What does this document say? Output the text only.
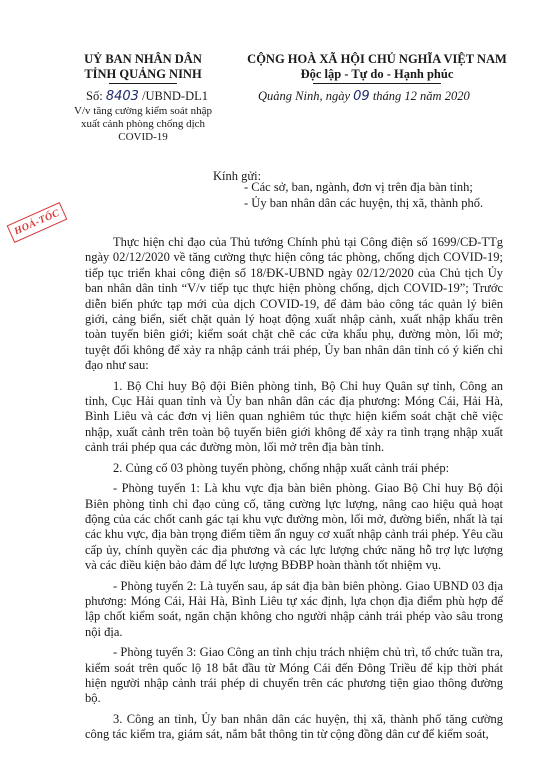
UỶ BAN NHÂN DÂN
TỈNH QUẢNG NINH
CỘNG HOÀ XÃ HỘI CHỦ NGHĨA VIỆT NAM
Độc lập - Tự do - Hạnh phúc
Số: 8403 /UBND-DL1	Quảng Ninh, ngày 09 tháng 12 năm 2020
V/v tăng cường kiểm soát nhập
xuất cảnh phòng chống dịch
COVID-19
Kính gửi:
- Các sở, ban, ngành, đơn vị trên địa bàn tỉnh;
- Ủy ban nhân dân các huyện, thị xã, thành phố.
HOẢ-TỐC

Thực hiện chỉ đạo của Thủ tướng Chính phủ tại Công điện số 1699/CĐ-TTg ngày 02/12/2020 về tăng cường thực hiện công tác phòng, chống dịch COVID-19; tiếp tục triển khai công điện số 18/ĐK-UBND ngày 02/12/2020 của Chủ tịch Ủy ban nhân dân tỉnh “V/v tiếp tục thực hiện phòng chống, dịch COVID-19”; Trước diễn biến phức tạp mới của dịch COVID-19, để đảm bảo công tác quản lý biên giới, cảng biển, siết chặt quản lý hoạt động xuất nhập cảnh, xuất nhập khẩu trên toàn tuyến biên giới; kiểm soát chặt chẽ các cửa khẩu phụ, đường mòn, lối mở; tuyệt đối không để xảy ra nhập cảnh trái phép, Ủy ban nhân dân tỉnh có ý kiến chỉ đạo như sau:

1. Bộ Chỉ huy Bộ đội Biên phòng tỉnh, Bộ Chỉ huy Quân sự tỉnh, Công an tỉnh, Cục Hải quan tỉnh và Ủy ban nhân dân các địa phương: Móng Cái, Hải Hà, Bình Liêu và các đơn vị liên quan nghiêm túc thực hiện kiểm soát chặt chẽ việc nhập, xuất cảnh trên toàn bộ tuyến biên giới không để xảy ra tình trạng nhập xuất cảnh trái phép qua các đường mòn, lối mở trên địa bàn tỉnh.

2. Củng cố 03 phòng tuyến phòng, chống nhập xuất cảnh trái phép:

- Phòng tuyến 1: Là khu vực địa bàn biên phòng. Giao Bộ Chỉ huy Bộ đội Biên phòng tỉnh chỉ đạo củng cố, tăng cường lực lượng, nâng cao hiệu quả hoạt động của các chốt canh gác tại khu vực đường mòn, lối mở, đường biển, nhất là tại các khu vực, địa bàn trọng điểm tiềm ẩn nguy cơ xuất nhập cảnh trái phép. Yêu cầu cấp ủy, chính quyền các địa phương và các lực lượng chức năng hỗ trợ lực lượng và các điều kiện bảo đảm để lực lượng BĐBP hoàn thành tốt nhiệm vụ.

- Phòng tuyến 2: Là tuyến sau, áp sát địa bàn biên phòng. Giao UBND 03 địa phương: Móng Cái, Hải Hà, Bình Liêu tự xác định, lựa chọn địa điểm phù hợp để lập chốt kiểm soát, ngăn chặn không cho người nhập cảnh trái phép vào sâu trong nội địa.

- Phòng tuyến 3: Giao Công an tỉnh chịu trách nhiệm chủ trì, tổ chức tuần tra, kiểm soát trên quốc lộ 18 bắt đầu từ Móng Cái đến Đông Triều để kịp thời phát hiện người nhập cảnh trái phép di chuyển trên các phương tiện giao thông đường bộ.

3. Công an tỉnh, Ủy ban nhân dân các huyện, thị xã, thành phố tăng cường công tác kiểm tra, giám sát, nắm bắt thông tin từ cộng đồng dân cư để kiểm soát,
